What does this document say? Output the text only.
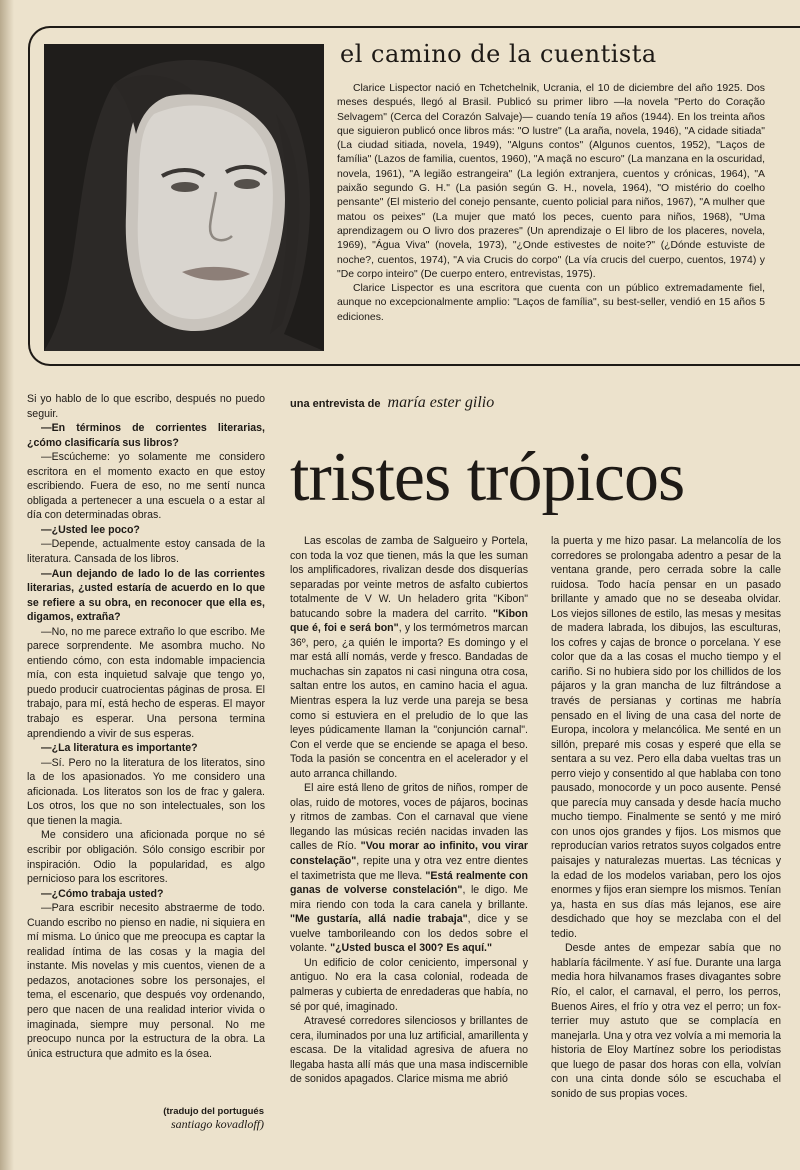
el camino de la cuentista

Clarice Lispector nació en Tchetchelnik, Ucrania, el 10 de diciembre del año 1925. Dos meses después, llegó al Brasil. Publicó su primer libro —la novela "Perto do Coração Selvagem" (Cerca del Corazón Salvaje)— cuando tenía 19 años (1944). En los treinta años que siguieron publicó once libros más: "O lustre" (La araña, novela, 1946), "A cidade sitiada" (La ciudad sitiada, novela, 1949), "Alguns contos" (Algunos cuentos, 1952), "Laços de família" (Lazos de familia, cuentos, 1960), "A maçã no escuro" (La manzana en la oscuridad, novela, 1961), "A legião estrangeira" (La legión extranjera, cuentos y crónicas, 1964), "A paixão segundo G. H." (La pasión según G. H., novela, 1964), "O mistério do coelho pensante" (El misterio del conejo pensante, cuento policial para niños, 1967), "A mulher que matou os peixes" (La mujer que mató los peces, cuento para niños, 1968), "Uma aprendizagem ou O livro dos prazeres" (Un aprendizaje o El libro de los placeres, novela, 1969), "Água Viva" (novela, 1973), "¿Onde estivestes de noite?" (¿Dónde estuviste de noche?, cuentos, 1974), "A via Crucis do corpo" (La vía crucis del cuerpo, cuentos, 1974) y "De corpo inteiro" (De cuerpo entero, entrevistas, 1975).

Clarice Lispector es una escritora que cuenta con un público extremadamente fiel, aunque no excepcionalmente amplio: "Laços de família", su best-seller, vendió en 15 años 5 ediciones.

Si yo hablo de lo que escribo, después no puedo seguir.

—En términos de corrientes literarias, ¿cómo clasificaría sus libros?

—Escúcheme: yo solamente me considero escritora en el momento exacto en que estoy escribiendo. Fuera de eso, no me sentí nunca obligada a pertenecer a una escuela o a estar al día con determinadas obras.

—¿Usted lee poco?

—Depende, actualmente estoy cansada de la literatura. Cansada de los libros.

—Aun dejando de lado lo de las corrientes literarias, ¿usted estaría de acuerdo en lo que se refiere a su obra, en reconocer que ella es, digamos, extraña?

—No, no me parece extraño lo que escribo. Me parece sorprendente. Me asombra mucho. No entiendo cómo, con esta indomable impaciencia mía, con esta inquietud salvaje que tengo yo, puedo producir cuatrocientas páginas de prosa. El trabajo, para mí, está hecho de esperas. El mayor trabajo es esperar. Una persona termina aprendiendo a vivir de sus esperas.

—¿La literatura es importante?

—Sí. Pero no la literatura de los literatos, sino la de los apasionados. Yo me considero una aficionada. Los literatos son los de frac y galera. Los otros, los que no son intelectuales, son los que tienen la magia.

Me considero una aficionada porque no sé escribir por obligación. Sólo consigo escribir por inspiración. Odio la popularidad, es algo pernicioso para los escritores.

—¿Cómo trabaja usted?

—Para escribir necesito abstraerme de todo. Cuando escribo no pienso en nadie, ni siquiera en mí misma. Lo único que me preocupa es captar la realidad íntima de las cosas y la magia del instante. Mis novelas y mis cuentos, vienen de a pedazos, anotaciones sobre los personajes, el tema, el escenario, que después voy ordenando, pero que nacen de una realidad interior vivida o imaginada, siempre muy personal. No me preocupo nunca por la estructura de la obra. La única estructura que admito es la ósea.

una entrevista de maría ester gilio
tristes trópicos

Las escolas de zamba de Salgueiro y Portela, con toda la voz que tienen, más la que les suman los amplificadores, rivalizan desde dos disquerías separadas por veinte metros de asfalto cubiertos totalmente de V W. Un heladero grita "Kibon" batucando sobre la madera del carrito. "Kibon que é, foi e será bon", y los termómetros marcan 36º, pero, ¿a quién le importa? Es domingo y el mar está allí nomás, verde y fresco. Bandadas de muchachas sin zapatos ni casi ninguna otra cosa, saltan entre los autos, en camino hacia el agua. Mientras espera la luz verde una pareja se besa como si estuviera en el preludio de lo que las leyes púdicamente llaman la "conjunción carnal". Con el verde que se enciende se apaga el beso. Toda la pasión se concentra en el acelerador y el auto arranca chillando.

El aire está lleno de gritos de niños, romper de olas, ruido de motores, voces de pájaros, bocinas y ritmos de zambas. Con el carnaval que viene llegando las músicas recién nacidas invaden las calles de Río. "Vou morar ao infinito, vou virar constelação", repite una y otra vez entre dientes el taximetrista que me lleva. "Está realmente con ganas de volverse constelación", le digo. Me mira riendo con toda la cara canela y brillante. "Me gustaría, allá nadie trabaja", dice y se vuelve tamborileando con los dedos sobre el volante. "¿Usted busca el 300? Es aquí."

Un edificio de color ceniciento, impersonal y antiguo. No era la casa colonial, rodeada de palmeras y cubierta de enredaderas que había, no sé por qué, imaginado.

Atravesé corredores silenciosos y brillantes de cera, iluminados por una luz artificial, amarillenta y escasa. De la vitalidad agresiva de afuera no llegaba hasta allí más que una masa indiscernible de sonidos apagados. Clarice misma me abrió

la puerta y me hizo pasar. La melancolía de los corredores se prolongaba adentro a pesar de la ventana grande, pero cerrada sobre la calle ruidosa. Todo hacía pensar en un pasado brillante y amado que no se deseaba olvidar. Los viejos sillones de estilo, las mesas y mesitas de madera labrada, los dibujos, las esculturas, los cofres y cajas de bronce o porcelana. Y ese color que da a las cosas el mucho tiempo y el cariño. Si no hubiera sido por los chillidos de los pájaros y la gran mancha de luz filtrándose a través de persianas y cortinas me habría pensado en el living de una casa del norte de Europa, incolora y melancólica. Me senté en un sillón, preparé mis cosas y esperé que ella se sentara a su vez. Pero ella daba vueltas tras un perro viejo y consentido al que hablaba con tono pausado, monocorde y un poco ausente. Pensé que parecía muy cansada y desde hacía mucho mucho tiempo. Finalmente se sentó y me miró con unos ojos grandes y fijos. Los mismos que reproducían varios retratos suyos colgados entre paisajes y naturalezas muertas. Las técnicas y la edad de los modelos variaban, pero los ojos enormes y fijos eran siempre los mismos. Tenían ya, hasta en sus días más lejanos, ese aire desdichado que hoy se mezclaba con el del tedio.

Desde antes de empezar sabía que no hablaría fácilmente. Y así fue. Durante una larga media hora hilvanamos frases divagantes sobre Río, el calor, el carnaval, el perro, los perros, Buenos Aires, el frío y otra vez el perro; un fox-terrier muy astuto que se complacía en manejarla. Una y otra vez volvía a mi memoria la historia de Eloy Martínez sobre los periodistas que luego de pasar dos horas con ella, volvían con una cinta donde sólo se escuchaba el sonido de sus propias voces.

(tradujo del portugués
santiago kovadloff)
